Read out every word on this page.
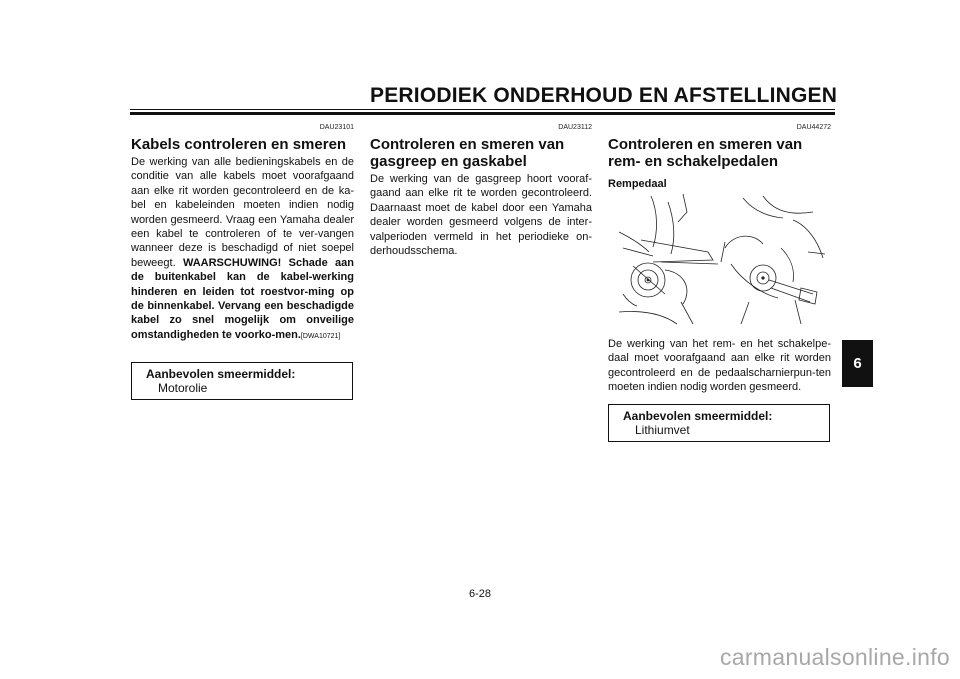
PERIODIEK ONDERHOUD EN AFSTELLINGEN
DAU23101
Kabels controleren en smeren

De werking van alle bedieningskabels en de conditie van alle kabels moet voorafgaand aan elke rit worden gecontroleerd en de ka-bel en kabeleinden moeten indien nodig worden gesmeerd. Vraag een Yamaha dealer een kabel te controleren of te ver-vangen wanneer deze is beschadigd of niet soepel beweegt. WAARSCHUWING! Schade aan de buitenkabel kan de kabel-werking hinderen en leiden tot roestvor-ming op de binnenkabel. Vervang een beschadigde kabel zo snel mogelijk om onveilige omstandigheden te voorko-men.[DWA10721]

Aanbevolen smeermiddel:
Motorolie
DAU23112
Controleren en smeren van gasgreep en gaskabel

De werking van de gasgreep hoort vooraf-gaand aan elke rit te worden gecontroleerd. Daarnaast moet de kabel door een Yamaha dealer worden gesmeerd volgens de inter-valperioden vermeld in het periodieke on-derhoudsschema.

DAU44272
Controleren en smeren van rem- en schakelpedalen
Rempedaal

De werking van het rem- en het schakelpe-daal moet voorafgaand aan elke rit worden gecontroleerd en de pedaalscharnierpun-ten moeten indien nodig worden gesmeerd.

Aanbevolen smeermiddel:
Lithiumvet
6
6-28
carmanualsonline.info
